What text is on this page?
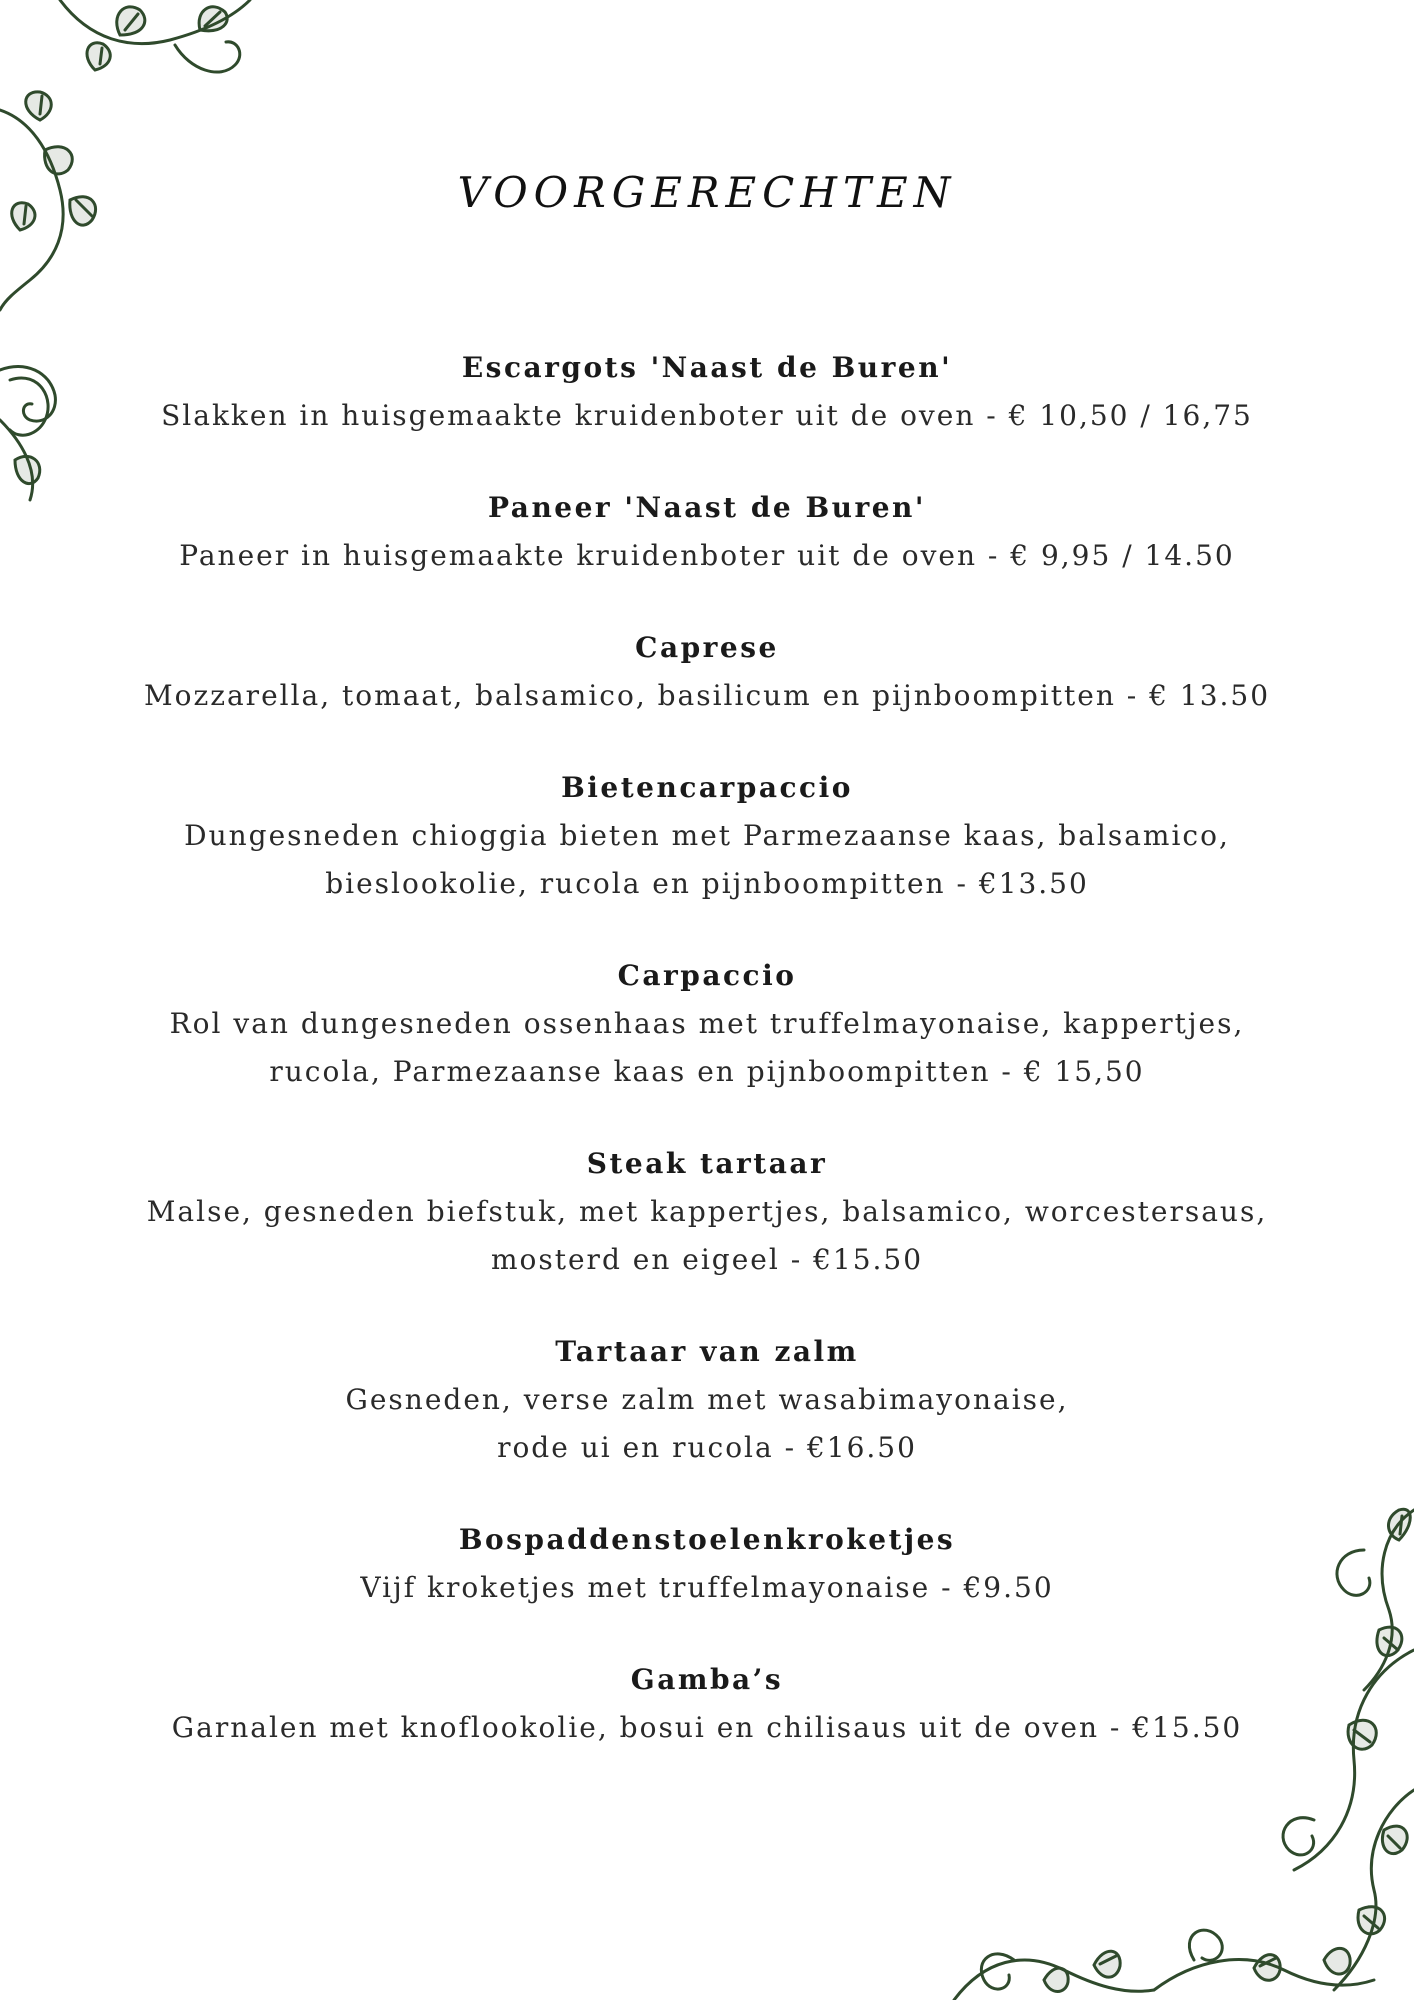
VOORGERECHTEN
Escargots 'Naast de Buren'
Slakken in huisgemaakte kruidenboter uit de oven - € 10,50 / 16,75
Paneer 'Naast de Buren'
Paneer in huisgemaakte kruidenboter uit de oven - € 9,95 / 14.50
Caprese
Mozzarella, tomaat, balsamico, basilicum en pijnboompitten - € 13.50
Bietencarpaccio
Dungesneden chioggia bieten met Parmezaanse kaas, balsamico,
bieslookolie, rucola en pijnboompitten - €13.50
Carpaccio
Rol van dungesneden ossenhaas met truffelmayonaise, kappertjes,
rucola, Parmezaanse kaas en pijnboompitten - € 15,50
Steak tartaar
Malse, gesneden biefstuk, met kappertjes, balsamico, worcestersaus,
mosterd en eigeel - €15.50
Tartaar van zalm
Gesneden, verse zalm met wasabimayonaise,
rode ui en rucola - €16.50
Bospaddenstoelenkroketjes
Vijf kroketjes met truffelmayonaise - €9.50
Gamba’s
Garnalen met knoflookolie, bosui en chilisaus uit de oven - €15.50
